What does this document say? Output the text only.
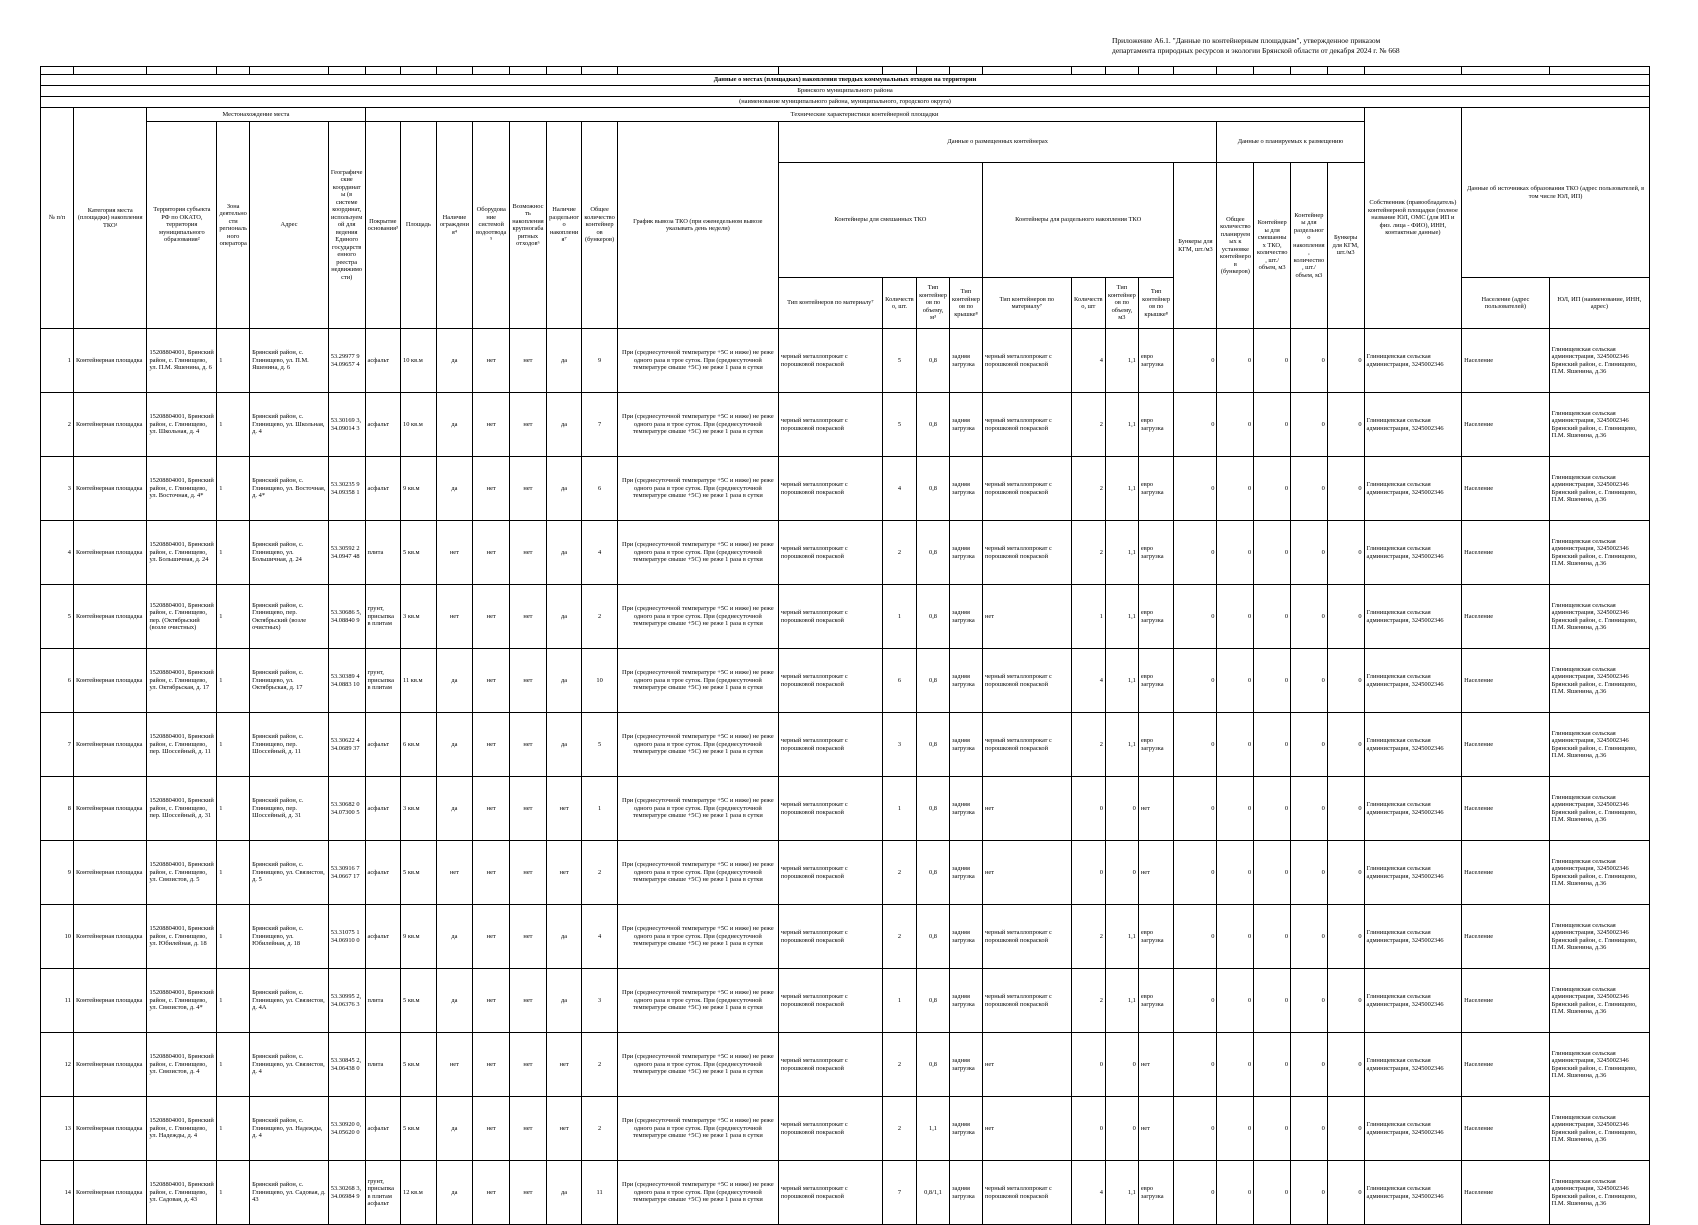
Приложение А6.1. "Данные по контейнерным площадкам", утвержденное приказом
департамента природных ресурсов и экологии Брянской области от декабря 2024 г. № 668

Данные о местах (площадках) накопления твердых коммунальных отходов на территории																													
Брянского муниципального района																													
(наименование муниципального района, муниципального, городского округа)																													
№ п/п	Категория места (площадки) накопления ТКО¹	Местонахождение места				Технические характеристики контейнерной площадки																					Собственник (правообладатель) контейнерной площадки (полное название ЮЛ, ОМС (для ИП и физ. лица - ФИО), ИНН, контактные данные)	Данные об источниках образования ТКО (адрес пользователей, в том числе ЮЛ, ИП)	
		Территория субъекта РФ по ОКАТО, территория муниципального образования²	Зона деятельности регионального оператора	Адрес	Географические координаты (в системе координат, используемой для ведения Единого государственного реестра недвижимости)	Покрытие основания³	Площадь	Наличие ограждения⁴	Оборудование системой водоотвода⁵	Возможность накопления крупногабаритных отходов⁶	Наличие раздельного накопления⁷	Общее количество контейнеров (бункеров)	График вывоза ТКО (при еженедельном вывозе указывать день недели)	Данные о размещенных контейнерах									Данные о планируемых к размещению						
														Контейнеры для смешанных ТКО				Контейнеры для раздельного накопления ТКО				Бункеры для КГМ, шт./м3	Общее количество планируемых к установке контейнеров (бункеров)	Контейнеры для смешанных ТКО, количество, шт./объем, м3	Контейнеры для раздельного накопления, количество, шт./объем, м3	Бункеры для КГМ, шт./м3			
														Тип контейнеров по материалу⁷	Количество, шт.	Тип контейнеров по объему, м³	Тип контейнеров по крышке⁸	Тип контейнеров по материалу⁷	Количество, шт	Тип контейнеров по объему, м3	Тип контейнеров по крышке⁸							Население (адрес пользователей)	ЮЛ, ИП (наименование, ИНН, адрес)
1	Контейнерная площадка	15208804001, Брянский район, с. Глинищево, ул. П.М. Яшенина, д. 6	1	Брянский район, с. Глинищево, ул. П.М. Яшенина, д. 6	53.29977 9 34.09657 4	асфальт	10 кв.м	да	нет	нет	да	9	При (среднесуточной температуре +5С и ниже) не реже одного раза в трое суток. При (среднесуточной температуре свыше +5С) не реже 1 раза в сутки	черный металлопрокат с порошковой покраской	5	0,8	задняя загрузка	черный металлопрокат с порошковой покраской	4	1,1	евро загрузка	0	0	0	0	0	Глинищевская сельская администрация, 3245002346	Население	Глинищевская сельская администрация, 3245002346 Брянский район, с. Глинищево, П.М. Яшенина, д.36
2	Контейнерная площадка	15208804001, Брянский район, с. Глинищево, ул. Школьная, д. 4	1	Брянский район, с. Глинищево, ул. Школьная, д. 4	53.30169 3, 34.09014 3	асфальт	10 кв.м	да	нет	нет	да	7	При (среднесуточной температуре +5С и ниже) не реже одного раза в трое суток. При (среднесуточной температуре свыше +5С) не реже 1 раза в сутки	черный металлопрокат с порошковой покраской	5	0,8	задняя загрузка	черный металлопрокат с порошковой покраской	2	1,1	евро загрузка	0	0	0	0	0	Глинищевская сельская администрация, 3245002346	Население	Глинищевская сельская администрация, 3245002346 Брянский район, с. Глинищево, П.М. Яшенина, д.36
3	Контейнерная площадка	15208804001, Брянский район, с. Глинищево, ул. Восточная, д. 4*	1	Брянский район, с. Глинищево, ул. Восточная, д. 4*	53.30235 9 34.09358 1	асфальт	9 кв.м	да	нет	нет	да	6	При (среднесуточной температуре +5С и ниже) не реже одного раза в трое суток. При (среднесуточной температуре свыше +5С) не реже 1 раза в сутки	черный металлопрокат с порошковой покраской	4	0,8	задняя загрузка	черный металлопрокат с порошковой покраской	2	1,1	евро загрузка	0	0	0	0	0	Глинищевская сельская администрация, 3245002346	Население	Глинищевская сельская администрация, 3245002346 Брянский район, с. Глинищево, П.М. Яшенина, д.36
4	Контейнерная площадка	15208804001, Брянский район, с. Глинищево, ул. Большичная, д. 24	1	Брянский район, с. Глинищево, ул. Большичная, д. 24	53.30592 2 34.0947 48	плита	5 кв.м	нет	нет	нет	да	4	При (среднесуточной температуре +5С и ниже) не реже одного раза в трое суток. При (среднесуточной температуре свыше +5С) не реже 1 раза в сутки	черный металлопрокат с порошковой покраской	2	0,8	задняя загрузка	черный металлопрокат с порошковой покраской	2	1,1	евро загрузка	0	0	0	0	0	Глинищевская сельская администрация, 3245002346	Население	Глинищевская сельская администрация, 3245002346 Брянский район, с. Глинищево, П.М. Яшенина, д.36
5	Контейнерная площадка	15208804001, Брянский район, с. Глинищево, пер. (Октябрьский (возле очистных)	1	Брянский район, с. Глинищево, пер. Октябрьский (возле очистных)	53.30686 5, 34.08840 9	грунт, присыпка в плитам	3 кв.м	нет	нет	нет	да	2	При (среднесуточной температуре +5С и ниже) не реже одного раза в трое суток. При (среднесуточной температуре свыше +5С) не реже 1 раза в сутки	черный металлопрокат с порошковой покраской	1	0,8	задняя загрузка	нет	1	1,1	евро загрузка	0	0	0	0	0	Глинищевская сельская администрация, 3245002346	Население	Глинищевская сельская администрация, 3245002346 Брянский район, с. Глинищево, П.М. Яшенина, д.36
6	Контейнерная площадка	15208804001, Брянский район, с. Глинищево, ул. Октябрьская, д. 17	1	Брянский район, с. Глинищево, ул. Октябрьская, д. 17	53.30389 4 34.0883 10	грунт, присыпка в плитам	11 кв.м	да	нет	нет	да	10	При (среднесуточной температуре +5С и ниже) не реже одного раза в трое суток. При (среднесуточной температуре свыше +5С) не реже 1 раза в сутки	черный металлопрокат с порошковой покраской	6	0,8	задняя загрузка	черный металлопрокат с порошковой покраской	4	1,1	евро загрузка	0	0	0	0	0	Глинищевская сельская администрация, 3245002346	Население	Глинищевская сельская администрация, 3245002346 Брянский район, с. Глинищево, П.М. Яшенина, д.36
7	Контейнерная площадка	15208804001, Брянский район, с. Глинищево, пер. Шоссейный, д. 11	1	Брянский район, с. Глинищево, пер. Шоссейный, д. 11	53.30622 4 34.0689 37	асфальт	6 кв.м	да	нет	нет	да	5	При (среднесуточной температуре +5С и ниже) не реже одного раза в трое суток. При (среднесуточной температуре свыше +5С) не реже 1 раза в сутки	черный металлопрокат с порошковой покраской	3	0,8	задняя загрузка	черный металлопрокат с порошковой покраской	2	1,1	евро загрузка	0	0	0	0	0	Глинищевская сельская администрация, 3245002346	Население	Глинищевская сельская администрация, 3245002346 Брянский район, с. Глинищево, П.М. Яшенина, д.36
8	Контейнерная площадка	15208804001, Брянский район, с. Глинищево, пер. Шоссейный, д. 31	1	Брянский район, с. Глинищево, пер. Шоссейный, д. 31	53.30682 0 34.07300 5	асфальт	3 кв.м	да	нет	нет	нет	1	При (среднесуточной температуре +5С и ниже) не реже одного раза в трое суток. При (среднесуточной температуре свыше +5С) не реже 1 раза в сутки	черный металлопрокат с порошковой покраской	1	0,8	задняя загрузка	нет	0	0	нет	0	0	0	0	0	Глинищевская сельская администрация, 3245002346	Население	Глинищевская сельская администрация, 3245002346 Брянский район, с. Глинищево, П.М. Яшенина, д.36
9	Контейнерная площадка	15208804001, Брянский район, с. Глинищево, ул. Связистов, д. 5	1	Брянский район, с. Глинищево, ул. Связистов, д. 5	53.30916 7 34.0667 17	асфальт	5 кв.м	нет	нет	нет	нет	2	При (среднесуточной температуре +5С и ниже) не реже одного раза в трое суток. При (среднесуточной температуре свыше +5С) не реже 1 раза в сутки	черный металлопрокат с порошковой покраской	2	0,8	задняя загрузка	нет	0	0	нет	0	0	0	0	0	Глинищевская сельская администрация, 3245002346	Население	Глинищевская сельская администрация, 3245002346 Брянский район, с. Глинищево, П.М. Яшенина, д.36
10	Контейнерная площадка	15208804001, Брянский район, с. Глинищево, ул. Юбилейная, д. 18	1	Брянский район, с. Глинищево, ул. Юбилейная, д. 18	53.31075 1 34.06910 0	асфальт	9 кв.м	да	нет	нет	да	4	При (среднесуточной температуре +5С и ниже) не реже одного раза в трое суток. При (среднесуточной температуре свыше +5С) не реже 1 раза в сутки	черный металлопрокат с порошковой покраской	2	0,8	задняя загрузка	черный металлопрокат с порошковой покраской	2	1,1	евро загрузка	0	0	0	0	0	Глинищевская сельская администрация, 3245002346	Население	Глинищевская сельская администрация, 3245002346 Брянский район, с. Глинищево, П.М. Яшенина, д.36
11	Контейнерная площадка	15208804001, Брянский район, с. Глинищево, ул. Связистов, д. 4*	1	Брянский район, с. Глинищево, ул. Связистов, д. 4А	53.30995 2, 34.06376 3	плита	5 кв.м	да	нет	нет	да	3	При (среднесуточной температуре +5С и ниже) не реже одного раза в трое суток. При (среднесуточной температуре свыше +5С) не реже 1 раза в сутки	черный металлопрокат с порошковой покраской	1	0,8	задняя загрузка	черный металлопрокат с порошковой покраской	2	1,1	евро загрузка	0	0	0	0	0	Глинищевская сельская администрация, 3245002346	Население	Глинищевская сельская администрация, 3245002346 Брянский район, с. Глинищево, П.М. Яшенина, д.36
12	Контейнерная площадка	15208804001, Брянский район, с. Глинищево, ул. Связистов, д. 4	1	Брянский район, с. Глинищево, ул. Связистов, д. 4	53.30845 2, 34.06438 0	плита	5 кв.м	нет	нет	нет	нет	2	При (среднесуточной температуре +5С и ниже) не реже одного раза в трое суток. При (среднесуточной температуре свыше +5С) не реже 1 раза в сутки	черный металлопрокат с порошковой покраской	2	0,8	задняя загрузка	нет	0	0	нет	0	0	0	0	0	Глинищевская сельская администрация, 3245002346	Население	Глинищевская сельская администрация, 3245002346 Брянский район, с. Глинищево, П.М. Яшенина, д.36
13	Контейнерная площадка	15208804001, Брянский район, с. Глинищево, ул. Надежды, д. 4	1	Брянский район, с. Глинищево, ул. Надежды, д. 4	53.30920 0, 34.05620 0	асфальт	5 кв.м	да	нет	нет	нет	2	При (среднесуточной температуре +5С и ниже) не реже одного раза в трое суток. При (среднесуточной температуре свыше +5С) не реже 1 раза в сутки	черный металлопрокат с порошковой покраской	2	1,1	задняя загрузка	нет	0	0	нет	0	0	0	0	0	Глинищевская сельская администрация, 3245002346	Население	Глинищевская сельская администрация, 3245002346 Брянский район, с. Глинищево, П.М. Яшенина, д.36
14	Контейнерная площадка	15208804001, Брянский район, с. Глинищево, ул. Садовая, д. 43	1	Брянский район, с. Глинищево, ул. Садовая, д. 43	53.30268 3, 34.06984 9	грунт, присыпка в плитам асфальт	12 кв.м	да	нет	нет	да	11	При (среднесуточной температуре +5С и ниже) не реже одного раза в трое суток. При (среднесуточной температуре свыше +5С) не реже 1 раза в сутки	черный металлопрокат с порошковой покраской	7	0,8/1,1	задняя загрузка	черный металлопрокат с порошковой покраской	4	1,1	евро загрузка	0	0	0	0	0	Глинищевская сельская администрация, 3245002346	Население	Глинищевская сельская администрация, 3245002346 Брянский район, с. Глинищево, П.М. Яшенина, д.36
